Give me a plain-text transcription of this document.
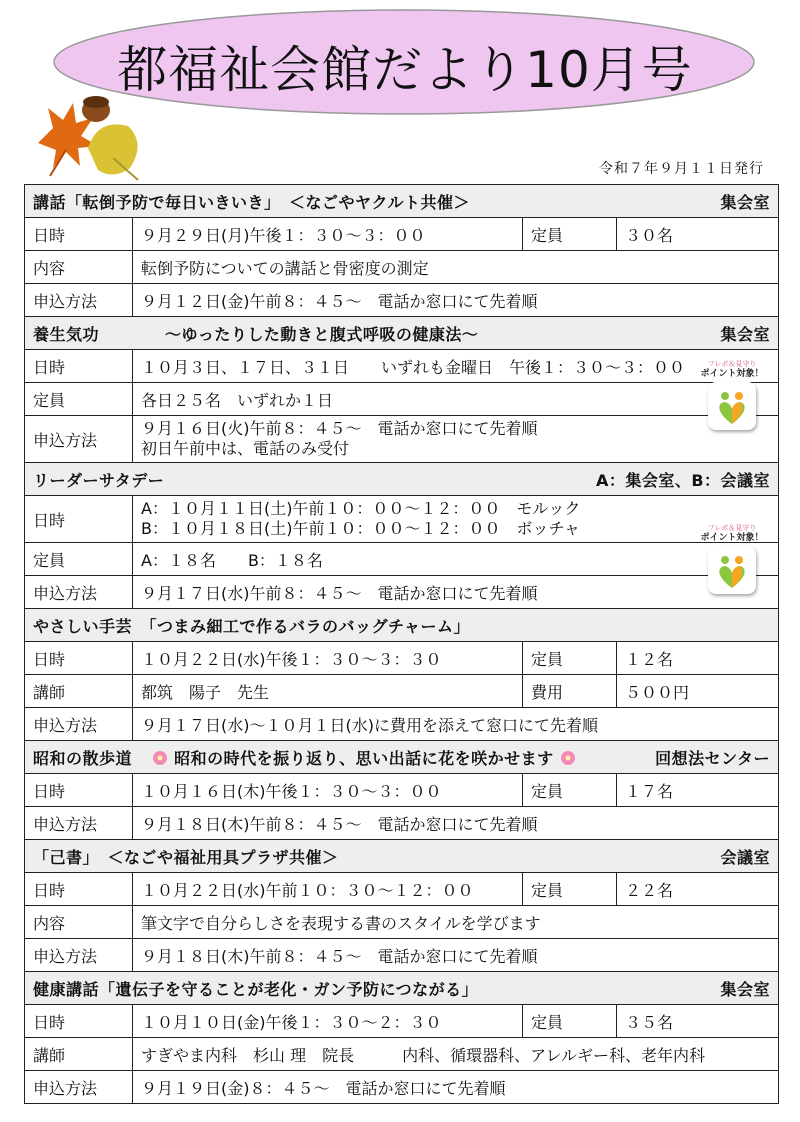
都福祉会館だより10月号
令和７年９月１１日発行
講話「転倒予防で毎日いきいき」　＜なごやヤクルト共催＞ 集会室			

日時	９月２９日(月)午後１：３０〜３：００	定員	３０名
内容	転倒予防についての講話と骨密度の測定		
申込方法	９月１２日(金)午前８：４５〜　電話か窓口にて先着順		
養生気功　　　　～ゆったりした動きと腹式呼吸の健康法～ 集会室			

日時	１０月３日、１７日、３１日　　いずれも金曜日　午後１：３０〜３：００		
定員	各日２５名　いずれか１日		
申込方法	９月１６日(火)午前８：４５〜　電話か窓口にて先着順
初日午前中は、電話のみ受付		

リーダーサタデー A：集会室、B：会議室			

日時	A：１０月１１日(土)午前１０：００〜１２：００　モルック
B：１０月１８日(土)午前１０：００〜１２：００　ボッチャ		

定員	A：１８名　　B：１８名		
申込方法	９月１７日(水)午前８：４５〜　電話か窓口にて先着順		
やさしい手芸　「つまみ細工で作るバラのバッグチャーム」			
日時	１０月２２日(水)午後１：３０〜３：３０	定員	１２名
講師	都筑　陽子　先生	費用	５００円
申込方法	９月１７日(水)〜１０月１日(水)に費用を添えて窓口にて先着順		
昭和の散歩道 昭和の時代を振り返り、思い出話に花を咲かせます 回想法センター			

日時	１０月１６日(木)午後１：３０〜３：００	定員	１７名
申込方法	９月１８日(木)午前８：４５〜　電話か窓口にて先着順		
「己書」　＜なごや福祉用具プラザ共催＞ 会議室			

日時	１０月２２日(水)午前１０：３０〜１２：００	定員	２２名
内容	筆文字で自分らしさを表現する書のスタイルを学びます		
申込方法	９月１８日(木)午前８：４５〜　電話か窓口にて先着順		
健康講話「遺伝子を守ることが老化・ガン予防につながる」 集会室			

日時	１０月１０日(金)午後１：３０〜２：３０	定員	３５名
講師	すぎやま内科　杉山 理　院長　　　内科、循環器科、アレルギー科、老年内科		
申込方法	９月１９日(金)８：４５〜　電話か窓口にて先着順		
フレポ＆見守り
ポイント対象！
フレポ＆見守り
ポイント対象！
